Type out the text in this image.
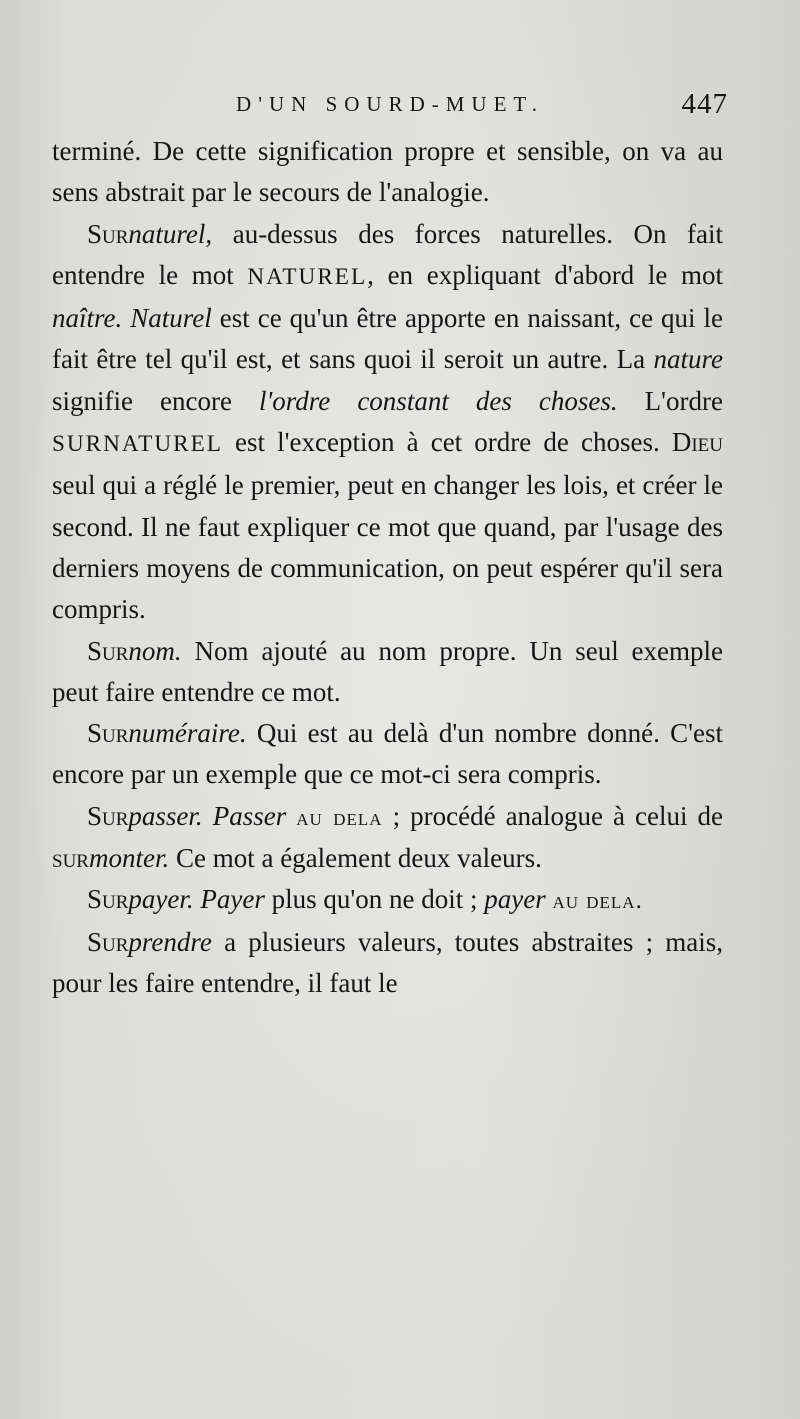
D'UN SOURD-MUET.	447

terminé. De cette signification propre et sensible, on va au sens abstrait par le secours de l'analogie.

Surnaturel, au-dessus des forces naturelles. On fait entendre le mot NATUREL, en expliquant d'abord le mot naître. Naturel est ce qu'un être apporte en naissant, ce qui le fait être tel qu'il est, et sans quoi il seroit un autre. La nature signifie encore l'ordre constant des choses. L'ordre SURNATUREL est l'exception à cet ordre de choses. Dieu seul qui a réglé le premier, peut en changer les lois, et créer le second. Il ne faut expliquer ce mot que quand, par l'usage des derniers moyens de communication, on peut espérer qu'il sera compris.

Surnom. Nom ajouté au nom propre. Un seul exemple peut faire entendre ce mot.

Surnuméraire. Qui est au delà d'un nombre donné. C'est encore par un exemple que ce mot-ci sera compris.

Surpasser. Passer au dela ; procédé analogue à celui de surmonter. Ce mot a également deux valeurs.

Surpayer. Payer plus qu'on ne doit ; payer au dela.

Surprendre a plusieurs valeurs, toutes abstraites ; mais, pour les faire entendre, il faut le
